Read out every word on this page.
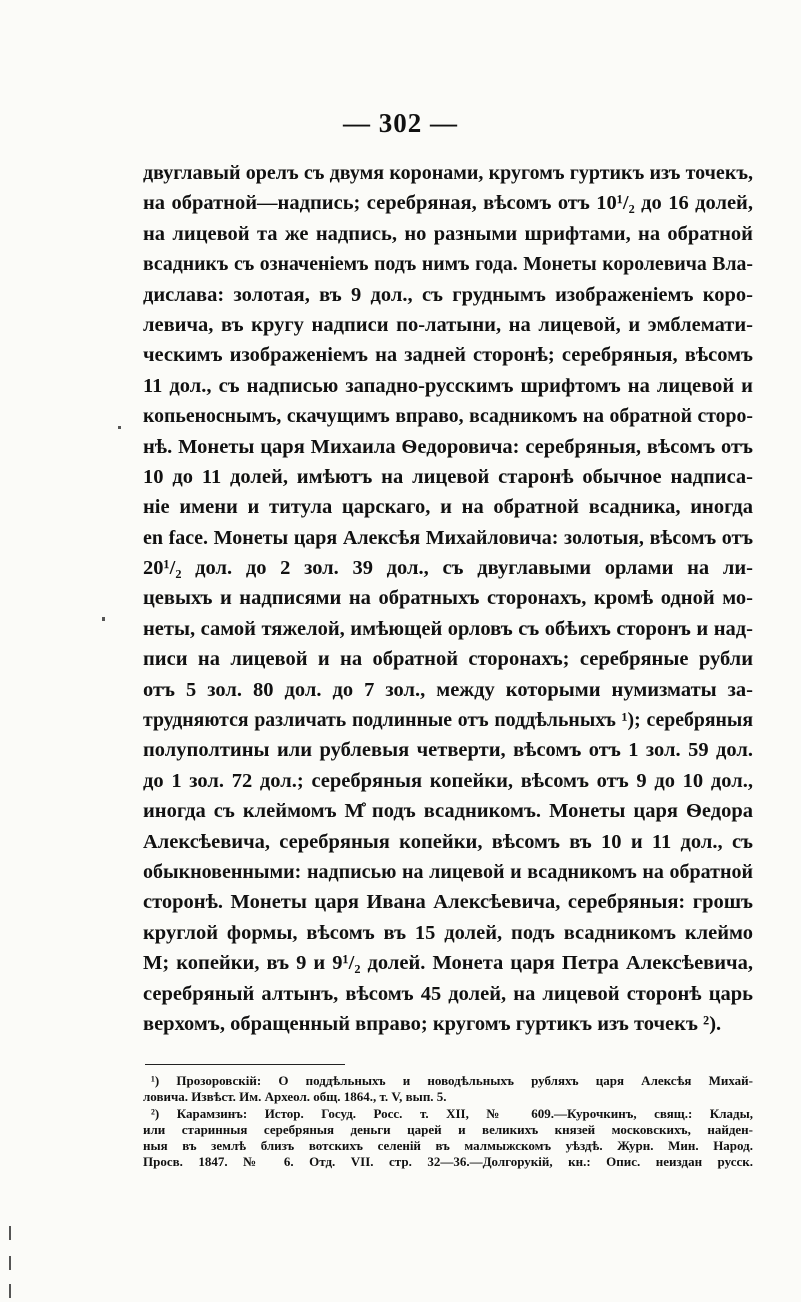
— 302 —
двуглавый орелъ съ двумя коронами, кругомъ гуртикъ изъ точекъ,
на обратной—надпись; серебряная, вѣсомъ отъ 10¹/₂ до 16 долей,
на лицевой та же надпись, но разными шрифтами, на обратной
всадникъ съ означеніемъ подъ нимъ года. Монеты королевича Вла-
дислава: золотая, въ 9 дол., съ груднымъ изображеніемъ коро-
левича, въ кругу надписи по-латыни, на лицевой, и эмблемати-
ческимъ изображеніемъ на задней сторонѣ; серебряныя, вѣсомъ
11 дол., съ надписью западно-русскимъ шрифтомъ на лицевой и
копьеноснымъ, скачущимъ вправо, всадникомъ на обратной сторо-
нѣ. Монеты царя Михаила Ѳедоровича: серебряныя, вѣсомъ отъ
10 до 11 долей, имѣютъ на лицевой старонѣ обычное надписа-
ніе имени и титула царскаго, и на обратной всадника, иногда
en face. Монеты царя Алексѣя Михайловича: золотыя, вѣсомъ отъ
20¹/₂ дол. до 2 зол. 39 дол., съ двуглавыми орлами на ли-
цевыхъ и надписями на обратныхъ сторонахъ, кромѣ одной мо-
неты, самой тяжелой, имѣющей орловъ съ обѣихъ сторонъ и над-
писи на лицевой и на обратной сторонахъ; серебряные рубли
отъ 5 зол. 80 дол. до 7 зол., между которыми нумизматы за-
трудняются различать подлинные отъ поддѣльныхъ ¹); серебряныя
полуполтины или рублевыя четверти, вѣсомъ отъ 1 зол. 59 дол.
до 1 зол. 72 дол.; серебряныя копейки, вѣсомъ отъ 9 до 10 дол.,
иногда съ клеймомъ М̊ подъ всадникомъ. Монеты царя Ѳедора
Алексѣевича, серебряныя копейки, вѣсомъ въ 10 и 11 дол., съ
обыкновенными: надписью на лицевой и всадникомъ на обратной
сторонѣ. Монеты царя Ивана Алексѣевича, серебряныя: грошъ
круглой формы, вѣсомъ въ 15 долей, подъ всадникомъ клеймо
М; копейки, въ 9 и 9¹/₂ долей. Монета царя Петра Алексѣевича,
серебряный алтынъ, вѣсомъ 45 долей, на лицевой сторонѣ царь
верхомъ, обращенный вправо; кругомъ гуртикъ изъ точекъ ²).
¹) Прозоровскій: О поддѣльныхъ и новодѣльныхъ рубляхъ царя Алексѣя Михай-
ловича. Извѣст. Им. Археол. общ. 1864., т. V, вып. 5.
²) Карамзинъ: Истор. Госуд. Росс. т. XII, № 609.—Курочкинъ, свящ.: Клады,
или старинныя серебряныя деньги царей и великихъ князей московскихъ, найден-
ныя въ землѣ близъ вотскихъ селеній въ малмыжскомъ уѣздѣ. Журн. Мин. Народ.
Просв. 1847. № 6. Отд. VII. стр. 32—36.—Долгорукій, кн.: Опис. неиздан русск.
